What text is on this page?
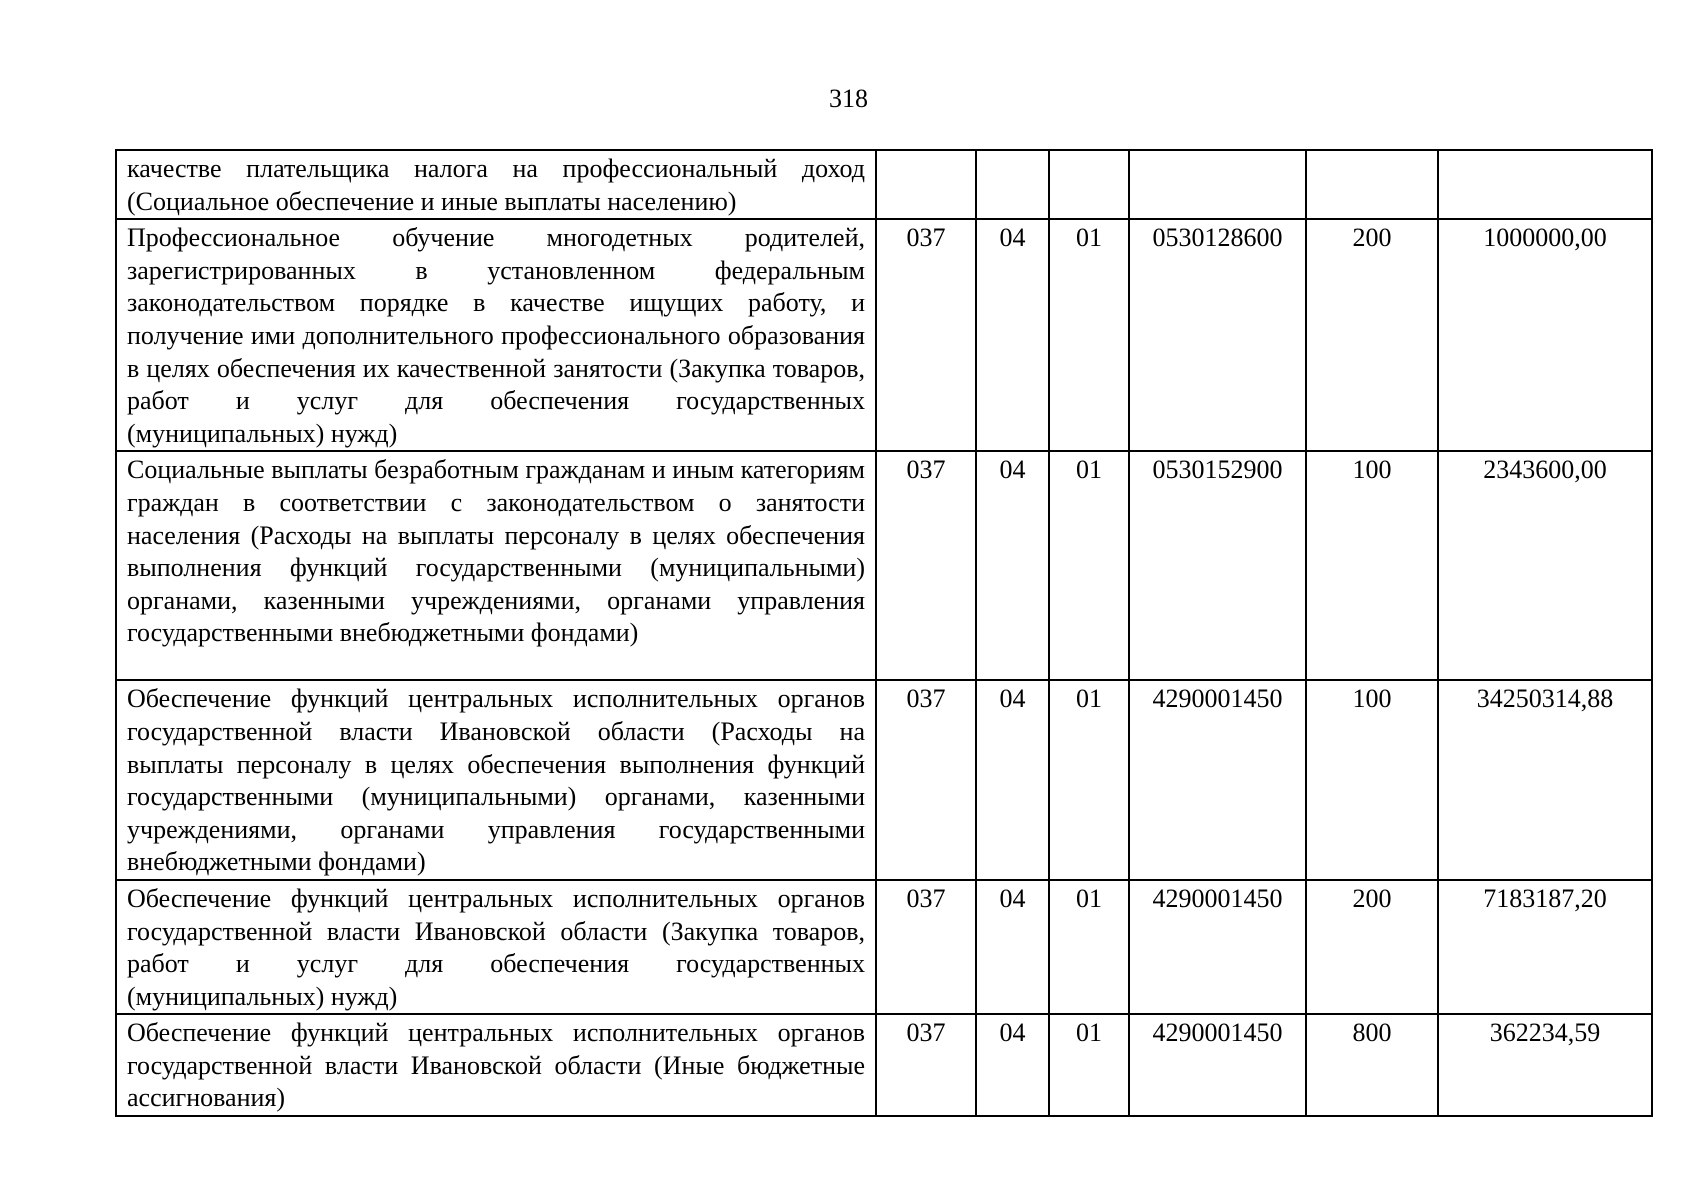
318
качестве плательщика налога на профессиональный доход (Социальное обеспечение и иные выплаты населению)						
Профессиональное обучение многодетных родителей, зарегистрированных в установленном федеральным законодательством порядке в качестве ищущих работу, и получение ими дополнительного профессионального образования в целях обеспечения их качественной занятости (Закупка товаров, работ и услуг для обеспечения государственных (муниципальных) нужд)	037	04	01	0530128600	200	1000000,00
Социальные выплаты безработным гражданам и иным категориям граждан в соответствии с законодательством о занятости населения (Расходы на выплаты персоналу в целях обеспечения выполнения функций государственными (муниципальными) органами, казенными учреждениями, органами управления государственными внебюджетными фондами)	037	04	01	0530152900	100	2343600,00
Обеспечение функций центральных исполнительных органов государственной власти Ивановской области (Расходы на выплаты персоналу в целях обеспечения выполнения функций государственными (муниципальными) органами, казенными учреждениями, органами управления государственными внебюджетными фондами)	037	04	01	4290001450	100	34250314,88
Обеспечение функций центральных исполнительных органов государственной власти Ивановской области (Закупка товаров, работ и услуг для обеспечения государственных (муниципальных) нужд)	037	04	01	4290001450	200	7183187,20
Обеспечение функций центральных исполнительных органов государственной власти Ивановской области (Иные бюджетные ассигнования)	037	04	01	4290001450	800	362234,59
